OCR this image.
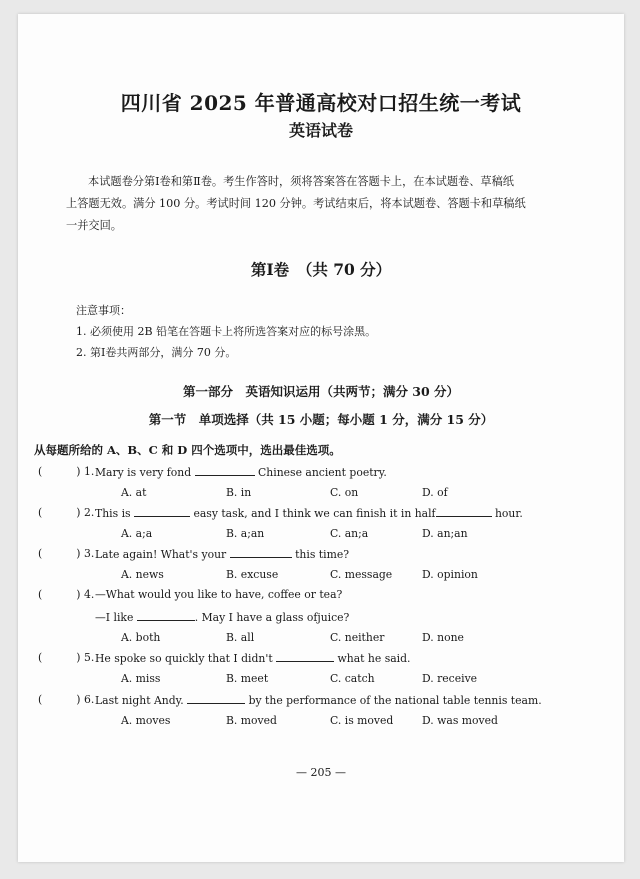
四川省 2025 年普通高校对口招生统一考试
英语试卷
本试题卷分第Ⅰ卷和第Ⅱ卷。考生作答时，须将答案答在答题卡上，在本试题卷、草稿纸
上答题无效。满分 100 分。考试时间 120 分钟。考试结束后，将本试题卷、答题卡和草稿纸
一并交回。
第Ⅰ卷　（共 70 分）
注意事项：
1. 必须使用 2B 铅笔在答题卡上将所选答案对应的标号涂黑。
2. 第Ⅰ卷共两部分，满分 70 分。
第一部分　英语知识运用（共两节；满分 30 分）
第一节　单项选择（共 15 小题；每小题 1 分，满分 15 分）
从每题所给的 A、B、C 和 D 四个选项中，选出最佳选项。
(	) 1. Mary is very fond	Chinese ancient poetry.
A. at	B. in	C. on	D. of
(	) 2. This is	easy task, and I think we can finish it in half	hour.
A. a;a	B. a;an	C. an;a	D. an;an
(	) 3. Late again! What's your	this time?
A. news	B. excuse	C. message	D. opinion
(	) 4. —What would you like to have, coffee or tea?
—I like	. May I have a glass ofjuice?
A. both	B. all	C. neither	D. none
(	) 5. He spoke so quickly that I didn't	what he said.
A. miss	B. meet	C. catch	D. receive
(	) 6. Last night Andy.	by the performance of the national table tennis team.
A. moves	B. moved	C. is moved	D. was moved
— 205 —
